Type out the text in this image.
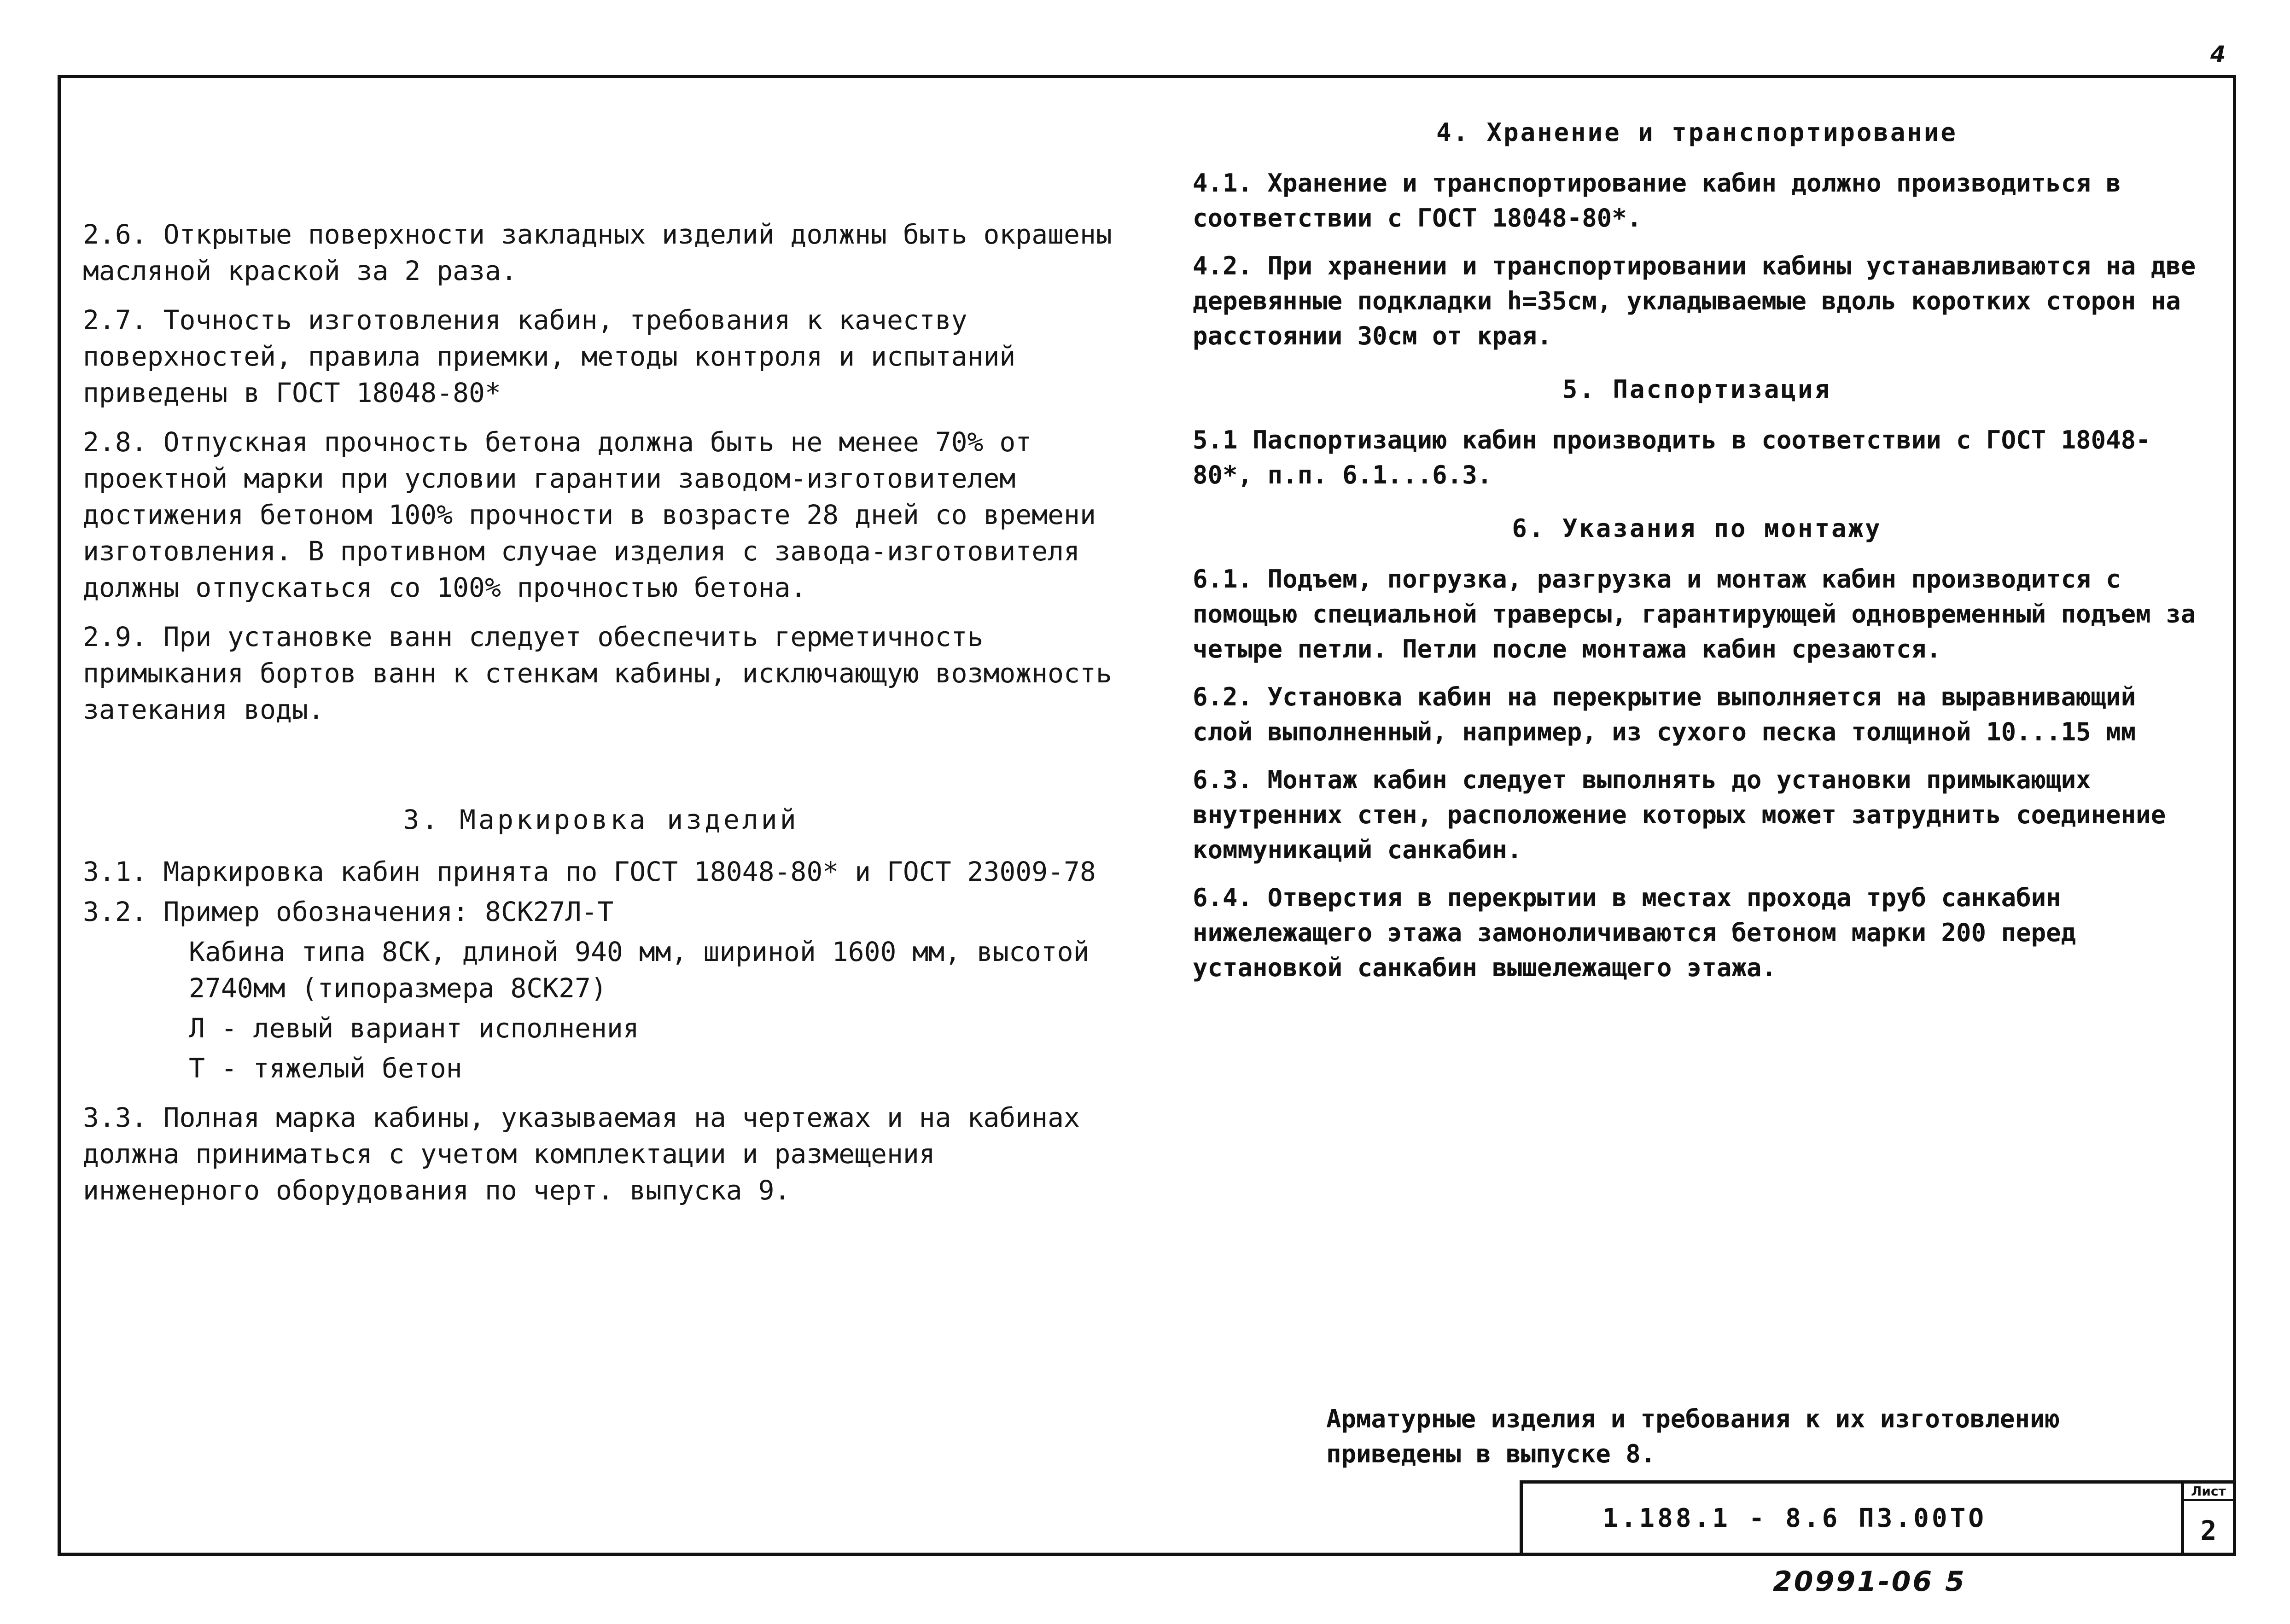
4

2.6. Открытые поверхности закладных изделий должны быть окрашены масляной краской за 2 раза.

2.7. Точность изготовления кабин, требования к качеству поверхностей, правила приемки, методы контроля и испытаний приведены в ГОСТ 18048-80*

2.8. Отпускная прочность бетона должна быть не менее 70% от проектной марки при условии гарантии заводом-изготовителем достижения бетоном 100% прочности в возрасте 28 дней со времени изготовления. В противном случае изделия с завода-изготовителя должны отпускаться со 100% прочностью бетона.

2.9. При установке ванн следует обеспечить герметичность примыкания бортов ванн к стенкам кабины, исключающую возможность затекания воды.

3. Маркировка изделий

3.1. Маркировка кабин принята по ГОСТ 18048-80* и ГОСТ 23009-78

3.2. Пример обозначения: 8СК27Л-Т

Кабина типа 8СК, длиной 940 мм, шириной 1600 мм, высотой 2740мм (типоразмера 8СК27)

Л - левый вариант исполнения

Т - тяжелый бетон

3.3. Полная марка кабины, указываемая на чертежах и на кабинах должна приниматься с учетом комплектации и размещения инженерного оборудования по черт. выпуска 9.

4. Хранение и транспортирование

4.1. Хранение и транспортирование кабин должно производиться в соответствии с ГОСТ 18048-80*.

4.2. При хранении и транспортировании кабины устанавливаются на две деревянные подкладки h=35см, укладываемые вдоль коротких сторон на расстоянии 30см от края.

5. Паспортизация

5.1 Паспортизацию кабин производить в соответствии с ГОСТ 18048-80*, п.п. 6.1...6.3.

6. Указания по монтажу

6.1. Подъем, погрузка, разгрузка и монтаж кабин производится с помощью специальной траверсы, гарантирующей одновременный подъем за четыре петли. Петли после монтажа кабин срезаются.

6.2. Установка кабин на перекрытие выполняется на выравнивающий слой выполненный, например, из сухого песка толщиной 10...15 мм

6.3. Монтаж кабин следует выполнять до установки примыкающих внутренних стен, расположение которых может затруднить соединение коммуникаций санкабин.

6.4. Отверстия в перекрытии в местах прохода труб санкабин нижележащего этажа замоноличиваются бетоном марки 200 перед установкой санкабин вышележащего этажа.

Арматурные изделия и требования к их изготовлению приведены в выпуске 8.

1.188.1 - 8.6 ПЗ.00ТО
Лист
2
20991-06 5
